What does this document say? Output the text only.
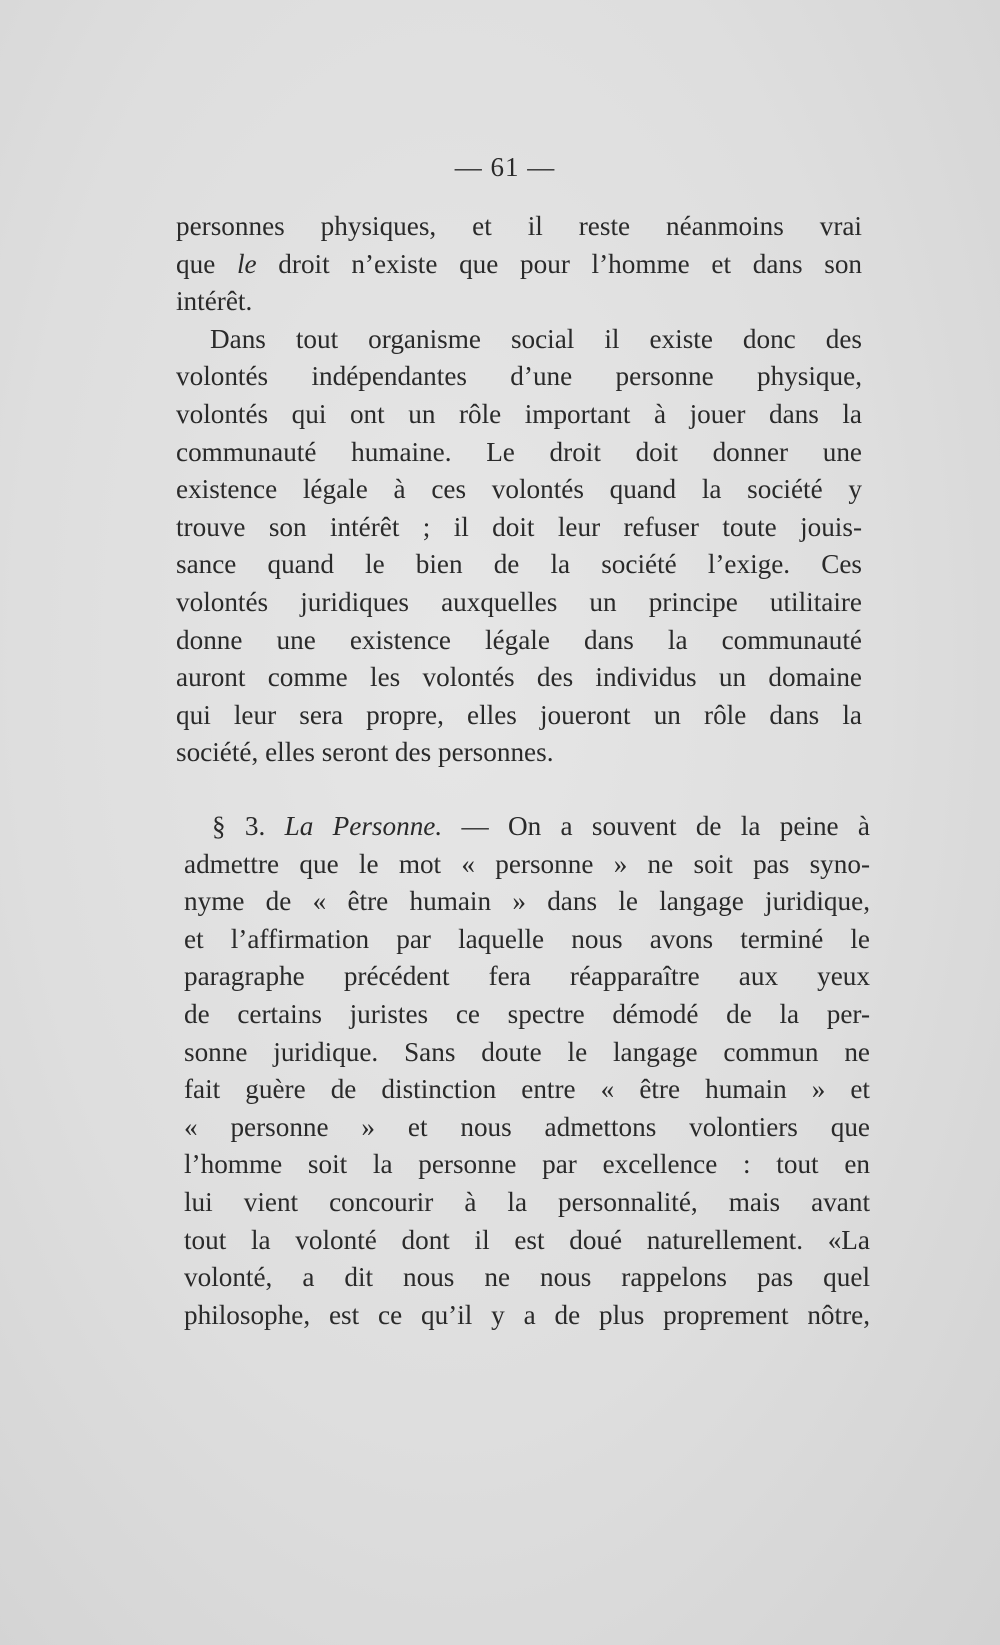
— 61 —
personnes physiques, et il reste néanmoins vrai
que le droit n’existe que pour l’homme et dans son
intérêt.
Dans tout organisme social il existe donc des
volontés indépendantes d’une personne physique,
volontés qui ont un rôle important à jouer dans la
communauté humaine. Le droit doit donner une
existence légale à ces volontés quand la société y
trouve son intérêt ; il doit leur refuser toute jouis-
sance quand le bien de la société l’exige. Ces
volontés juridiques auxquelles un principe utilitaire
donne une existence légale dans la communauté
auront comme les volontés des individus un domaine
qui leur sera propre, elles joueront un rôle dans la
société, elles seront des personnes.
§ 3. La Personne. — On a souvent de la peine à
admettre que le mot « personne » ne soit pas syno-
nyme de « être humain » dans le langage juridique,
et l’affirmation par laquelle nous avons terminé le
paragraphe précédent fera réapparaître aux yeux
de certains juristes ce spectre démodé de la per-
sonne juridique. Sans doute le langage commun ne
fait guère de distinction entre « être humain » et
« personne » et nous admettons volontiers que
l’homme soit la personne par excellence : tout en
lui vient concourir à la personnalité, mais avant
tout la volonté dont il est doué naturellement. «La
volonté, a dit nous ne nous rappelons pas quel
philosophe, est ce qu’il y a de plus proprement nôtre,
